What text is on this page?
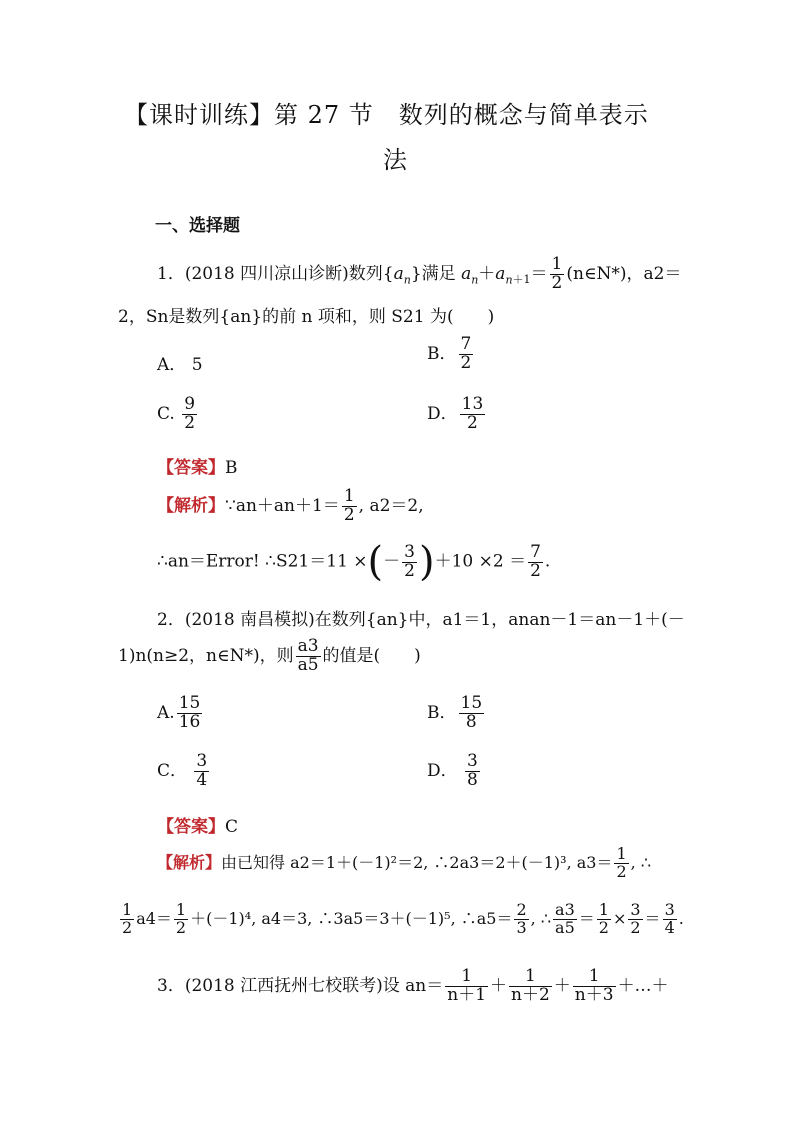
【课时训练】第 27 节　数列的概念与简单表示
法
一、选择题
1．(2018 四川凉山诊断)数列$\{a_n\}$满足 $a_n+a_{n+1}= \frac{1}{2}$ (n∈N*)，a2＝
2，Sn是数列{an}的前 n 项和，则 S21 为(　　)
A． 5
B． $\frac{7}{2}$
C. $\frac{9}{2}$	D． $\frac{13}{2}$
【答案】B
【解析】∵an＋an＋1＝ $\frac{1}{2}$ , a2＝2,
∴an＝Error! ∴S21＝11 ×(－ $\frac{3}{2} )+10 \times 2 = \frac{7}{2}$ .
2．(2018 南昌模拟)在数列{an}中，a1＝1，anan－1＝an－1＋(－
1)n(n≥2，n∈N*)，则 $\frac{a3}{a5}$ 的值是(　　)
A. $\frac{15}{16}$	B． $\frac{15}{8}$
C． $\frac{3}{4}$	D． $\frac{3}{8}$
【答案】C
【解析】由已知得 a2＝1＋(－1)²＝2, ∴2a3＝2＋(－1)³, $a3= \frac{1}{2}$ , ∴
$\frac{1}{2} a4= \frac{1}{2} +(-1)^4$, a4＝3, ∴3a5＝3＋(－1)⁵, ∴a5＝ $\frac{2}{3}$ , ∴ $\frac{a3}{a5} = \frac{1}{2} \times \frac{3}{2} = \frac{3}{4}$ .
3．(2018 江西抚州七校联考)设 $an= \frac{1}{n+1} + \frac{1}{n+2} + \frac{1}{n+3}$ ＋…＋
